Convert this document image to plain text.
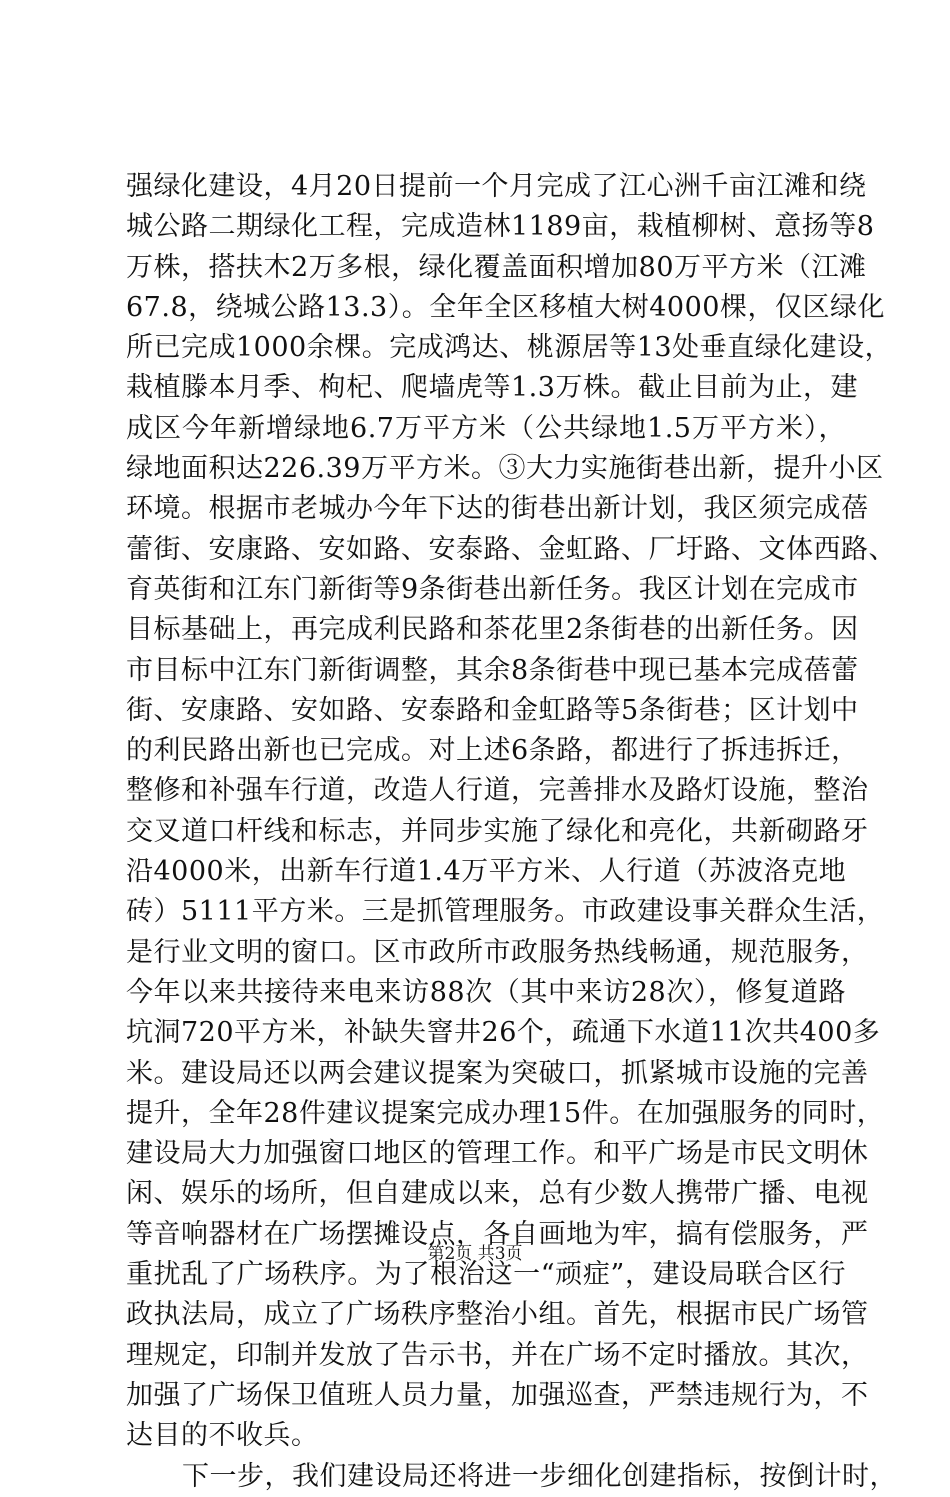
强绿化建设，4月20日提前一个月完成了江心洲千亩江滩和绕
城公路二期绿化工程，完成造林1189亩，栽植柳树、意扬等8
万株，搭扶木2万多根，绿化覆盖面积增加80万平方米（江滩
67.8，绕城公路13.3）。全年全区移植大树4000棵，仅区绿化
所已完成1000余棵。完成鸿达、桃源居等13处垂直绿化建设，
栽植滕本月季、枸杞、爬墙虎等1.3万株。截止目前为止，建
成区今年新增绿地6.7万平方米（公共绿地1.5万平方米），
绿地面积达226.39万平方米。③大力实施街巷出新，提升小区
环境。根据市老城办今年下达的街巷出新计划，我区须完成蓓
蕾街、安康路、安如路、安泰路、金虹路、厂圩路、文体西路、
育英街和江东门新街等9条街巷出新任务。我区计划在完成市
目标基础上，再完成利民路和茶花里2条街巷的出新任务。因
市目标中江东门新街调整，其余8条街巷中现已基本完成蓓蕾
街、安康路、安如路、安泰路和金虹路等5条街巷；区计划中
的利民路出新也已完成。对上述6条路，都进行了拆违拆迁，
整修和补强车行道，改造人行道，完善排水及路灯设施，整治
交叉道口杆线和标志，并同步实施了绿化和亮化，共新砌路牙
沿4000米，出新车行道1.4万平方米、人行道（苏波洛克地
砖）5111平方米。三是抓管理服务。市政建设事关群众生活，
是行业文明的窗口。区市政所市政服务热线畅通，规范服务，
今年以来共接待来电来访88次（其中来访28次），修复道路
坑洞720平方米，补缺失窨井26个，疏通下水道11次共400多
米。建设局还以两会建议提案为突破口，抓紧城市设施的完善
提升，全年28件建议提案完成办理15件。在加强服务的同时，
建设局大力加强窗口地区的管理工作。和平广场是市民文明休
闲、娱乐的场所，但自建成以来，总有少数人携带广播、电视
等音响器材在广场摆摊设点，各自画地为牢，搞有偿服务，严
重扰乱了广场秩序。为了根治这一“顽症”，建设局联合区行
政执法局，成立了广场秩序整治小组。首先，根据市民广场管
理规定，印制并发放了告示书，并在广场不定时播放。其次，
加强了广场保卫值班人员力量，加强巡查，严禁违规行为，不
达目的不收兵。
下一步，我们建设局还将进一步细化创建指标，按倒计时，
第2页 共3页
